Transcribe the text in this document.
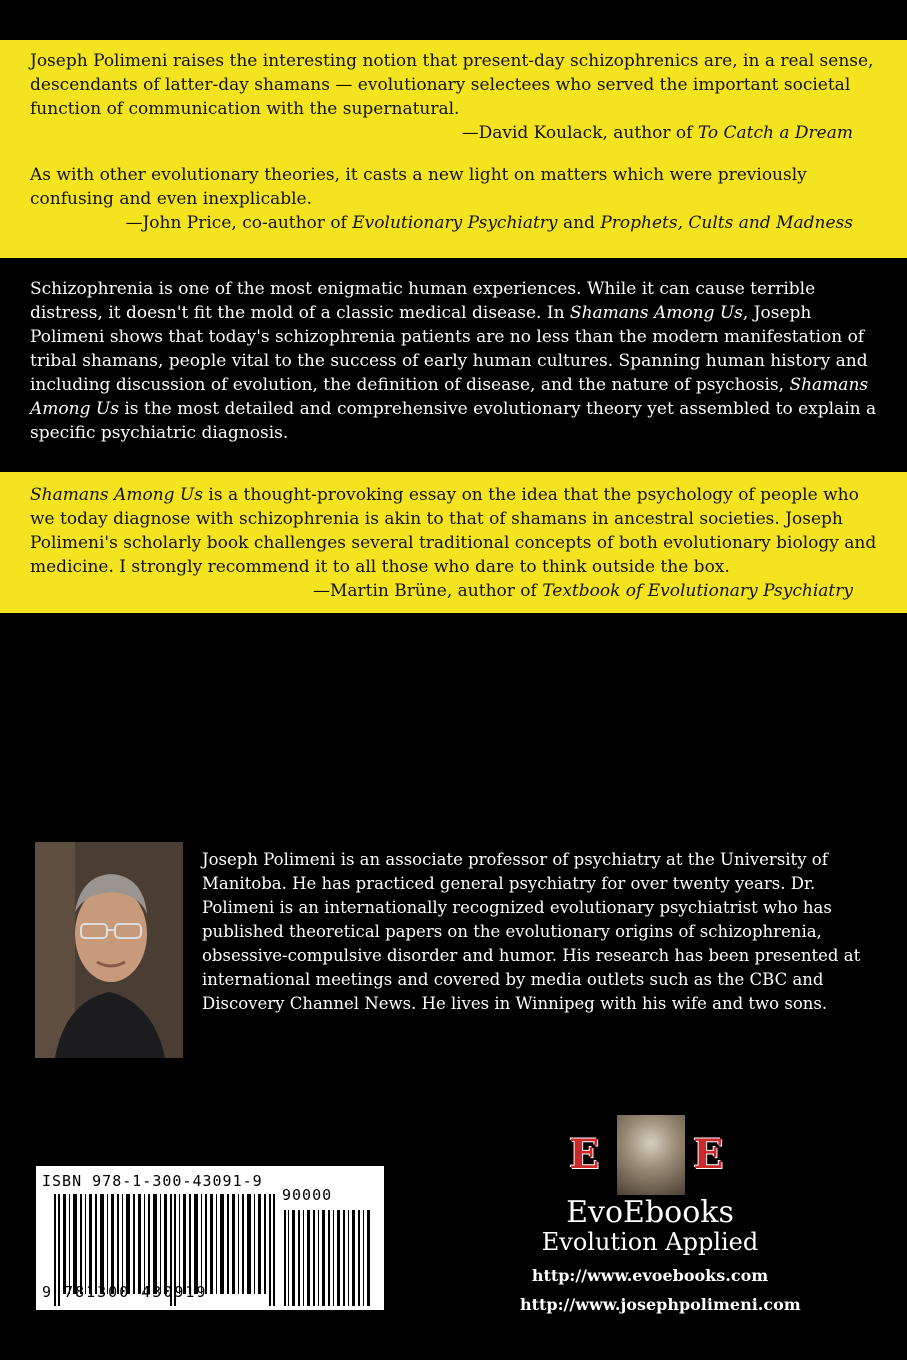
Joseph Polimeni raises the interesting notion that present-day schizophrenics are, in a real sense, descendants of latter-day shamans — evolutionary selectees who served the important societal function of communication with the supernatural.

—David Koulack, author of To Catch a Dream

As with other evolutionary theories, it casts a new light on matters which were previously confusing and even inexplicable.

—John Price, co-author of Evolutionary Psychiatry and Prophets, Cults and Madness

Schizophrenia is one of the most enigmatic human experiences. While it can cause terrible distress, it doesn't fit the mold of a classic medical disease. In Shamans Among Us, Joseph Polimeni shows that today's schizophrenia patients are no less than the modern manifestation of tribal shamans, people vital to the success of early human cultures. Spanning human history and including discussion of evolution, the definition of disease, and the nature of psychosis, Shamans Among Us is the most detailed and comprehensive evolutionary theory yet assembled to explain a specific psychiatric diagnosis.

Shamans Among Us is a thought-provoking essay on the idea that the psychology of people who we today diagnose with schizophrenia is akin to that of shamans in ancestral societies. Joseph Polimeni's scholarly book challenges several traditional concepts of both evolutionary biology and medicine. I strongly recommend it to all those who dare to think outside the box.

—Martin Brüne, author of Textbook of Evolutionary Psychiatry

Joseph Polimeni is an associate professor of psychiatry at the University of Manitoba. He has practiced general psychiatry for over twenty years. Dr. Polimeni is an internationally recognized evolutionary psychiatrist who has published theoretical papers on the evolutionary origins of schizophrenia, obsessive-compulsive disorder and humor. His research has been presented at international meetings and covered by media outlets such as the CBC and Discovery Channel News. He lives in Winnipeg with his wife and two sons.
ISBN 978-1-300-43091-9
90000
9 781300 430919
E E
EvoEbooks
Evolution Applied
http://www.evoebooks.com
http://www.josephpolimeni.com
